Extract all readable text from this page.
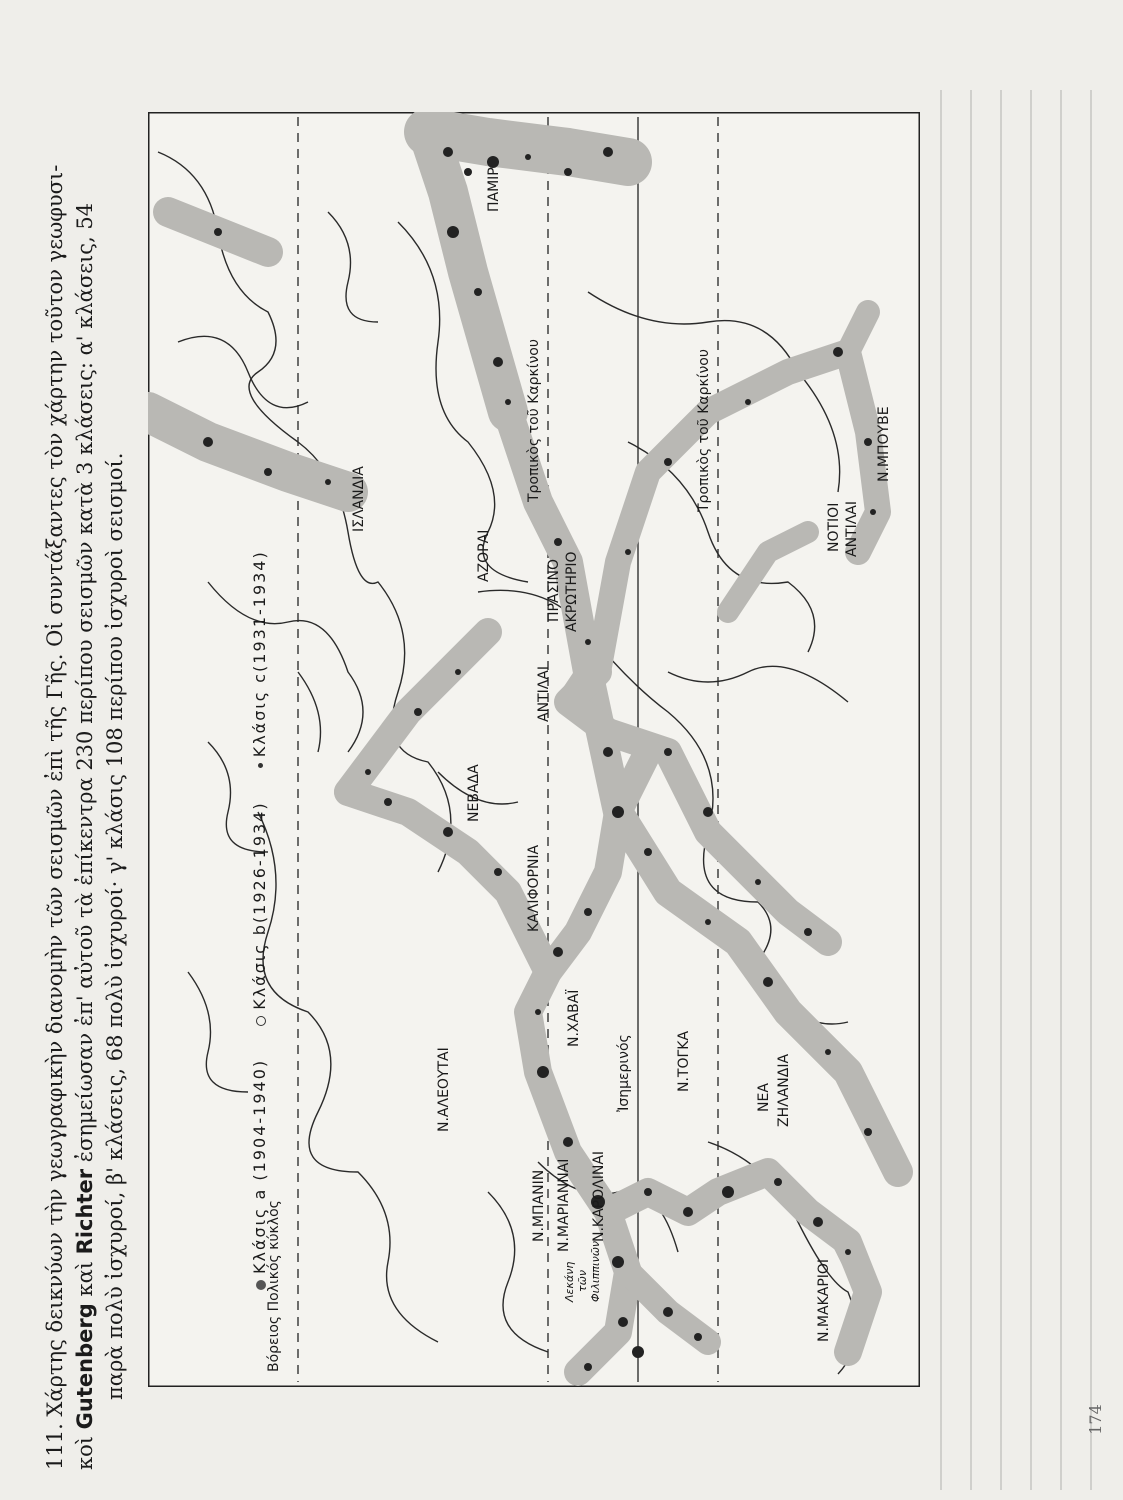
111. Χάρτης δεικνύων τὴν γεωγραφικὴν διανομὴν τῶν σεισμῶν ἐπὶ τῆς Γῆς. Οἱ συντάξαντες τὸν χάρτην τοῦτον γεωφυσι- κοὶ Gutenberg καὶ Richter ἐσημείωσαν ἐπ' αὐτοῦ τὰ ἐπίκεντρα 230 περίπου σεισμῶν κατὰ 3 κλάσεις: α' κλάσεις, 54 παρὰ πολὺ ἰσχυροί, β' κλάσεις, 68 πολὺ ἰσχυροί· γ' κλάσις 108 περίπου ἰσχυροὶ σεισμοί.	Βόρειος Πολικός κύκλος
Τροπικὸς τοῦ Καρκίνου	Τροπικὸς τοῦ Καρκίνου
Ἰσημερινός
ΠΑΜΙΡ
ΙΣΛΑΝΔΙΑ
ΑΖΟΡΑΙ
ΠΡΑΣΙΝΟ ΑΚΡΩΤΗΡΙΟ
ΑΝΤΙΛΑΙ
ΝΟΤΙΟΙ ΑΝΤΙΛΑΙ
Ν.ΜΠΟΥΒΕ
ΝΕΒΑΔΑ
ΚΑΛΙΦΟΡΝΙΑ
Ν.ΧΑΒΑΪ
Ν.ΤΟΓΚΑ
ΝΕΑ ΖΗΛΑΝΔΙΑ
Ν.ΑΛΕΟΥΤΑΙ
Ν.ΜΠΑΝΙΝ Ν.ΜΑΡΙΑΝΝΑΙ Ν.ΚΑΡΟΛΙΝΑΙ
Ν.ΜΑΚΑΡΙΟΙ
Λεκάνη τῶν Φιλιππινῶν
Κλάσις a (1904-1940) Κλάσις b(1926-1934) Κλάσις c(1931-1934)
174
